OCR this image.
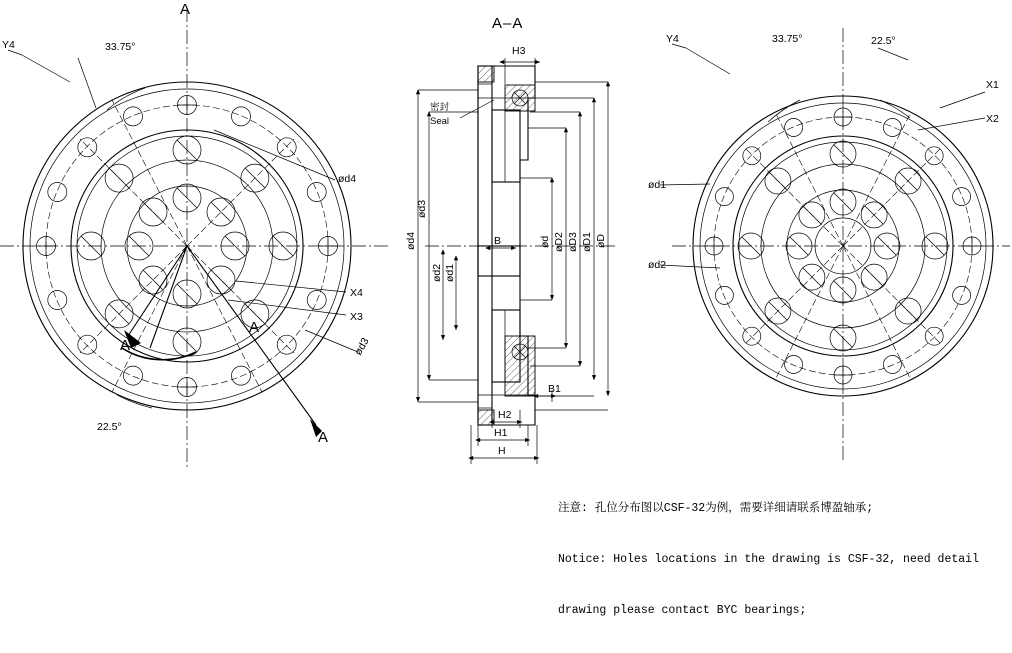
Y4	33.75°
22.5°
ød4
ød3
X4
X3
A
A
A
A
A–A
密封
Seal
H3
ød4
ød3
ød2 ød1
B	ød øD2 øD3 øD1 øD
B1
H2
H1
H
Y4	33.75°	22.5°
X1
X2
ød1
ød2

注意: 孔位分布图以CSF-32为例，需要详细请联系博盈轴承;

Notice: Holes locations in the drawing is CSF-32, need detail

drawing please contact BYC bearings;
